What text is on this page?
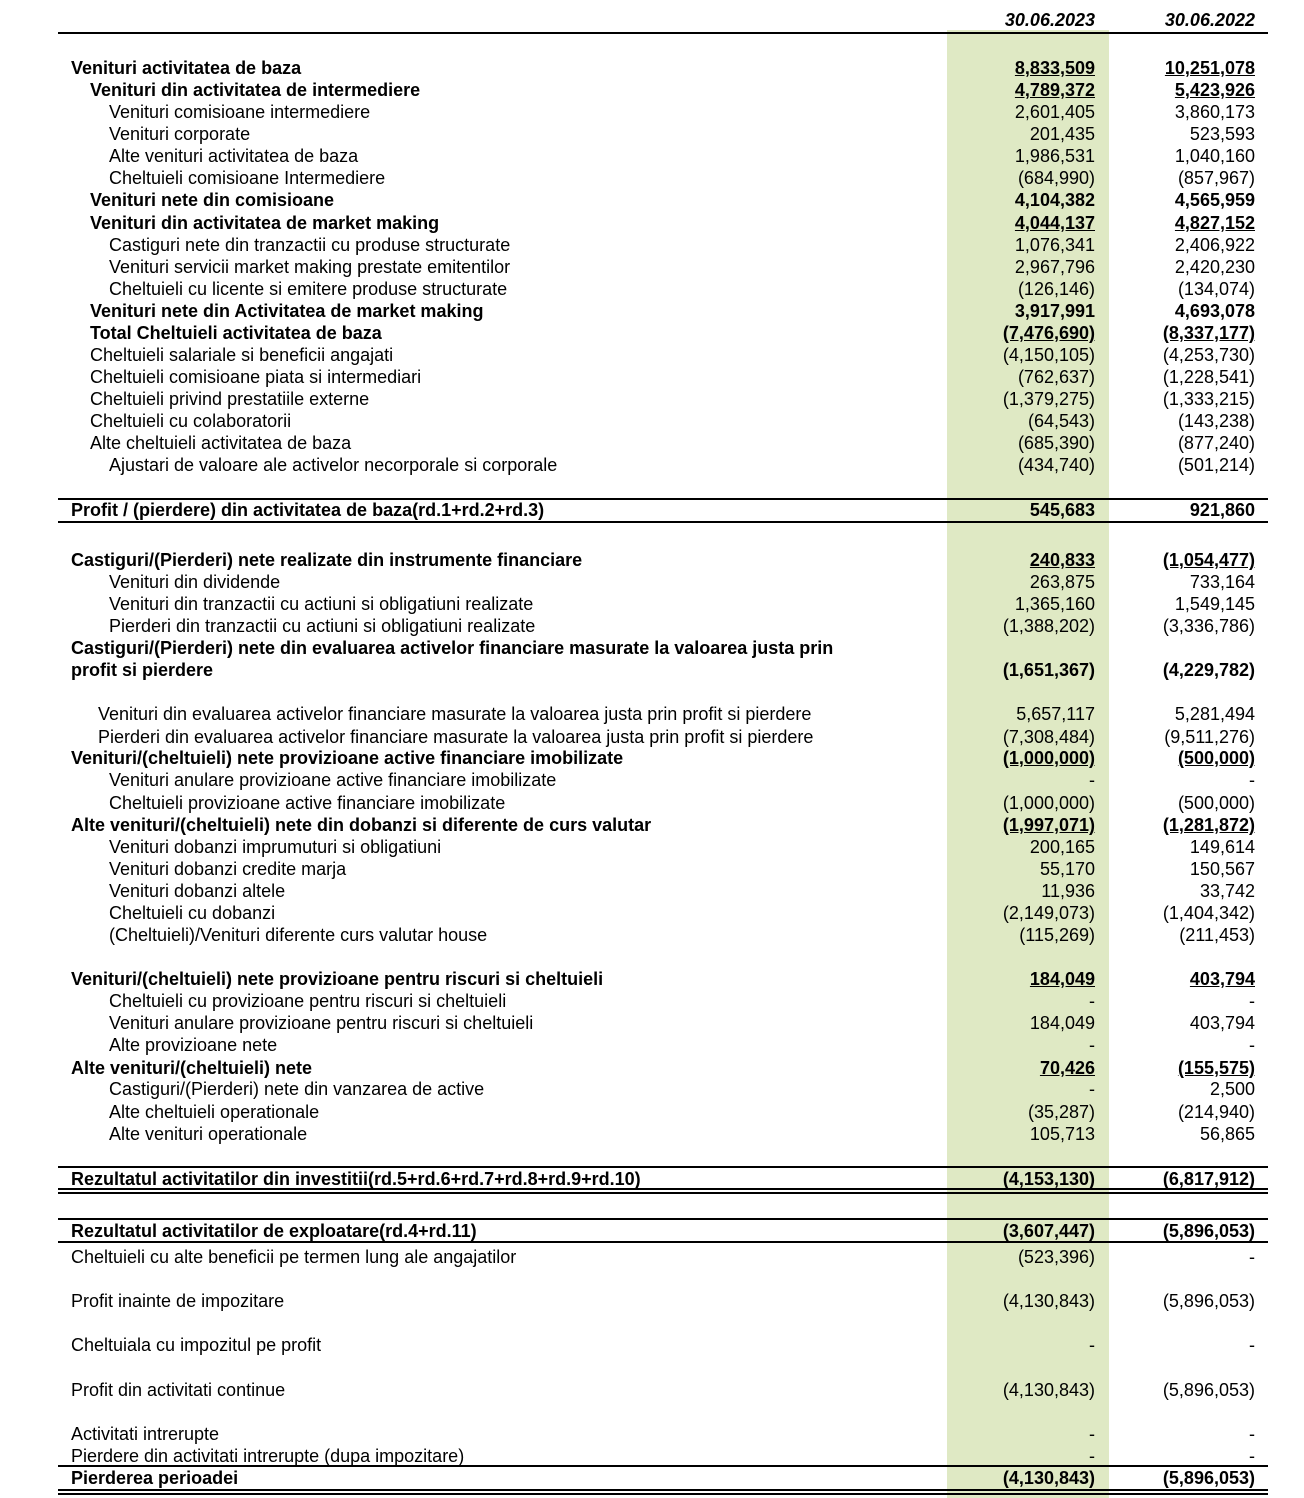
30.06.2023	30.06.2022
Venituri activitatea de baza	8,833,509	10,251,078
Venituri din activitatea de intermediere	4,789,372	5,423,926
Venituri comisioane intermediere	2,601,405	3,860,173
Venituri corporate	201,435	523,593
Alte venituri activitatea de baza	1,986,531	1,040,160
Cheltuieli comisioane Intermediere	(684,990)	(857,967)
Venituri nete din comisioane	4,104,382	4,565,959
Venituri din activitatea de market making	4,044,137	4,827,152
Castiguri nete din tranzactii cu produse structurate	1,076,341	2,406,922
Venituri servicii market making prestate emitentilor	2,967,796	2,420,230
Cheltuieli cu licente si emitere produse structurate	(126,146)	(134,074)
Venituri nete din Activitatea de market making	3,917,991	4,693,078
Total Cheltuieli activitatea de baza	(7,476,690)	(8,337,177)
Cheltuieli salariale si beneficii angajati	(4,150,105)	(4,253,730)
Cheltuieli comisioane piata si intermediari	(762,637)	(1,228,541)
Cheltuieli privind prestatiile externe	(1,379,275)	(1,333,215)
Cheltuieli cu colaboratorii	(64,543)	(143,238)
Alte cheltuieli activitatea de baza	(685,390)	(877,240)
Ajustari de valoare ale activelor necorporale si corporale	(434,740)	(501,214)
Profit / (pierdere) din activitatea de baza(rd.1+rd.2+rd.3)	545,683	921,860
Castiguri/(Pierderi) nete realizate din instrumente financiare	240,833	(1,054,477)
Venituri din dividende	263,875	733,164
Venituri din tranzactii cu actiuni si obligatiuni realizate	1,365,160	1,549,145
Pierderi din tranzactii cu actiuni si obligatiuni realizate	(1,388,202)	(3,336,786)
Castiguri/(Pierderi) nete din evaluarea activelor financiare masurate la valoarea justa prin
profit si pierdere	(1,651,367)	(4,229,782)
Venituri din evaluarea activelor financiare masurate la valoarea justa prin profit si pierdere	5,657,117	5,281,494
Pierderi din evaluarea activelor financiare masurate la valoarea justa prin profit si pierdere	(7,308,484)	(9,511,276)
Venituri/(cheltuieli) nete provizioane active financiare imobilizate	(1,000,000)	(500,000)
Venituri anulare provizioane active financiare imobilizate	-	-
Cheltuieli provizioane active financiare imobilizate	(1,000,000)	(500,000)
Alte venituri/(cheltuieli) nete din dobanzi si diferente de curs valutar	(1,997,071)	(1,281,872)
Venituri dobanzi imprumuturi si obligatiuni	200,165	149,614
Venituri dobanzi credite marja	55,170	150,567
Venituri dobanzi altele	11,936	33,742
Cheltuieli cu dobanzi	(2,149,073)	(1,404,342)
(Cheltuieli)/Venituri diferente curs valutar house	(115,269)	(211,453)
Venituri/(cheltuieli) nete provizioane pentru riscuri si cheltuieli	184,049	403,794
Cheltuieli cu provizioane pentru riscuri si cheltuieli	-	-
Venituri anulare provizioane pentru riscuri si cheltuieli	184,049	403,794
Alte provizioane nete	-	-
Alte venituri/(cheltuieli) nete	70,426	(155,575)
Castiguri/(Pierderi) nete din vanzarea de active	-	2,500
Alte cheltuieli operationale	(35,287)	(214,940)
Alte venituri operationale	105,713	56,865
Rezultatul activitatilor din investitii(rd.5+rd.6+rd.7+rd.8+rd.9+rd.10)	(4,153,130)	(6,817,912)
Rezultatul activitatilor de exploatare(rd.4+rd.11)	(3,607,447)	(5,896,053)
Cheltuieli cu alte beneficii pe termen lung ale angajatilor	(523,396)	-
Profit inainte de impozitare	(4,130,843)	(5,896,053)
Cheltuiala cu impozitul pe profit	-	-
Profit din activitati continue	(4,130,843)	(5,896,053)
Activitati intrerupte	-	-
Pierdere din activitati intrerupte (dupa impozitare)	-	-
Pierderea perioadei	(4,130,843)	(5,896,053)
